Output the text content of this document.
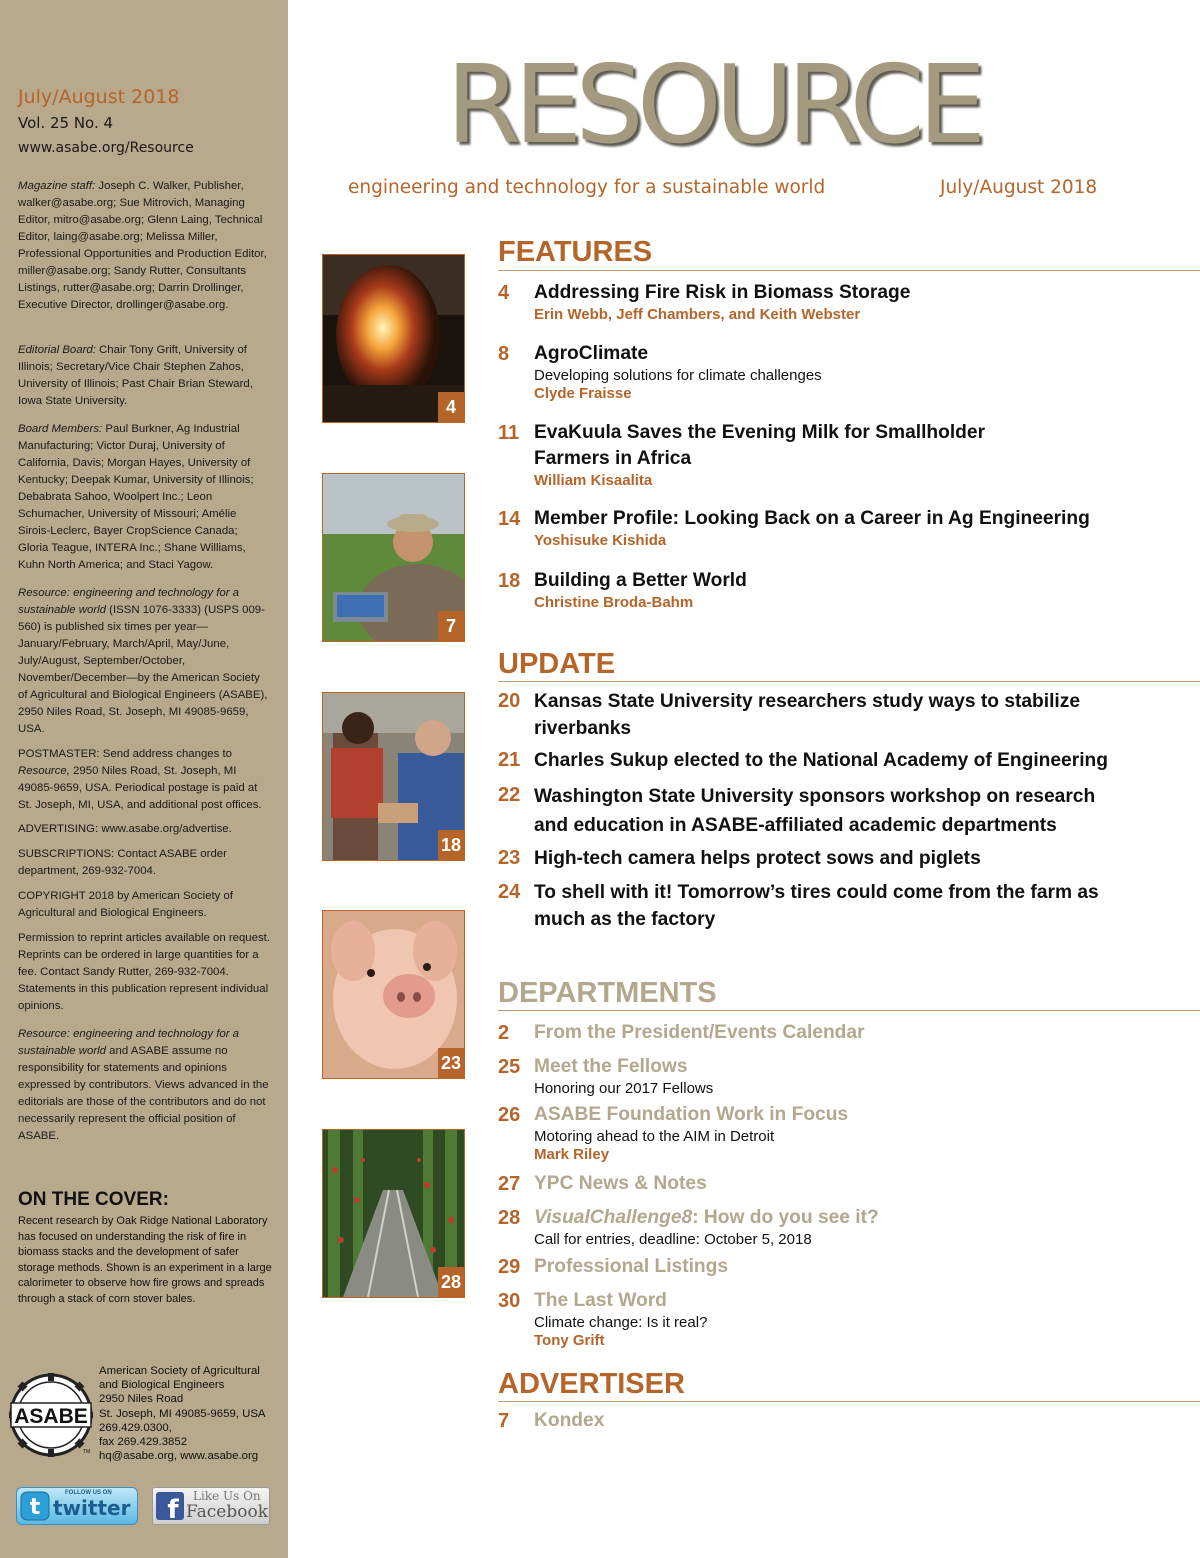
July/August 2018
Vol. 25 No. 4
www.asabe.org/Resource

Magazine staff: Joseph C. Walker, Publisher, walker@asabe.org; Sue Mitrovich, Managing Editor, mitro@asabe.org; Glenn Laing, Technical Editor, laing@asabe.org; Melissa Miller, Professional Opportunities and Production Editor, miller@asabe.org; Sandy Rutter, Consultants Listings, rutter@asabe.org; Darrin Drollinger, Executive Director, drollinger@asabe.org.

Editorial Board: Chair Tony Grift, University of Illinois; Secretary/Vice Chair Stephen Zahos, University of Illinois; Past Chair Brian Steward, Iowa State University.

Board Members: Paul Burkner, Ag Industrial Manufacturing; Victor Duraj, University of California, Davis; Morgan Hayes, University of Kentucky; Deepak Kumar, University of Illinois; Debabrata Sahoo, Woolpert Inc.; Leon Schumacher, University of Missouri; Amélie Sirois-Leclerc, Bayer CropScience Canada; Gloria Teague, INTERA Inc.; Shane Williams, Kuhn North America; and Staci Yagow.

Resource: engineering and technology for a sustainable world (ISSN 1076-3333) (USPS 009-560) is published six times per year—January/February, March/April, May/June, July/August, September/October, November/December—by the American Society of Agricultural and Biological Engineers (ASABE), 2950 Niles Road, St. Joseph, MI 49085-9659, USA.

POSTMASTER: Send address changes to Resource, 2950 Niles Road, St. Joseph, MI 49085-9659, USA. Periodical postage is paid at St. Joseph, MI, USA, and additional post offices.

ADVERTISING: www.asabe.org/advertise.

SUBSCRIPTIONS: Contact ASABE order department, 269-932-7004.

COPYRIGHT 2018 by American Society of Agricultural and Biological Engineers.

Permission to reprint articles available on request. Reprints can be ordered in large quantities for a fee. Contact Sandy Rutter, 269-932-7004. Statements in this publication represent individual opinions.

Resource: engineering and technology for a sustainable world and ASABE assume no responsibility for statements and opinions expressed by contributors. Views advanced in the editorials are those of the contributors and do not necessarily represent the official position of ASABE.

ON THE COVER:

Recent research by Oak Ridge National Laboratory has focused on understanding the risk of fire in biomass stacks and the development of safer storage methods. Shown is an experiment in a large calorimeter to observe how fire grows and spreads through a stack of corn stover bales.

ASABE
TM
American Society of Agricultural
and Biological Engineers
2950 Niles Road
St. Joseph, MI 49085-9659, USA
269.429.0300,
fax 269.429.3852
hq@asabe.org, www.asabe.org
t
FOLLOW US ON
twitter f Like Us On
Facebook
RESOURCE
engineering and technology for a sustainable world	July/August 2018
4
7
18
23
28
FEATURES
4	Addressing Fire Risk in Biomass Storage
Erin Webb, Jeff Chambers, and Keith Webster
8	AgroClimate
Developing solutions for climate challenges
Clyde Fraisse
11 EvaKuula Saves the Evening Milk for Smallholder
Farmers in Africa
William Kisaalita
14 Member Profile: Looking Back on a Career in Ag Engineering
Yoshisuke Kishida
18 Building a Better World
Christine Broda-Bahm
UPDATE
20 Kansas State University researchers study ways to stabilize
riverbanks
21 Charles Sukup elected to the National Academy of Engineering
22 Washington State University sponsors workshop on research
and education in ASABE-affiliated academic departments
23 High-tech camera helps protect sows and piglets
24 To shell with it! Tomorrow’s tires could come from the farm as
much as the factory
DEPARTMENTS
2	From the President/Events Calendar
25 Meet the Fellows
Honoring our 2017 Fellows
26 ASABE Foundation Work in Focus
Motoring ahead to the AIM in Detroit
Mark Riley
27 YPC News & Notes
28 VisualChallenge8: How do you see it?
Call for entries, deadline: October 5, 2018
29 Professional Listings
30 The Last Word
Climate change: Is it real?
Tony Grift
ADVERTISER
7	Kondex
